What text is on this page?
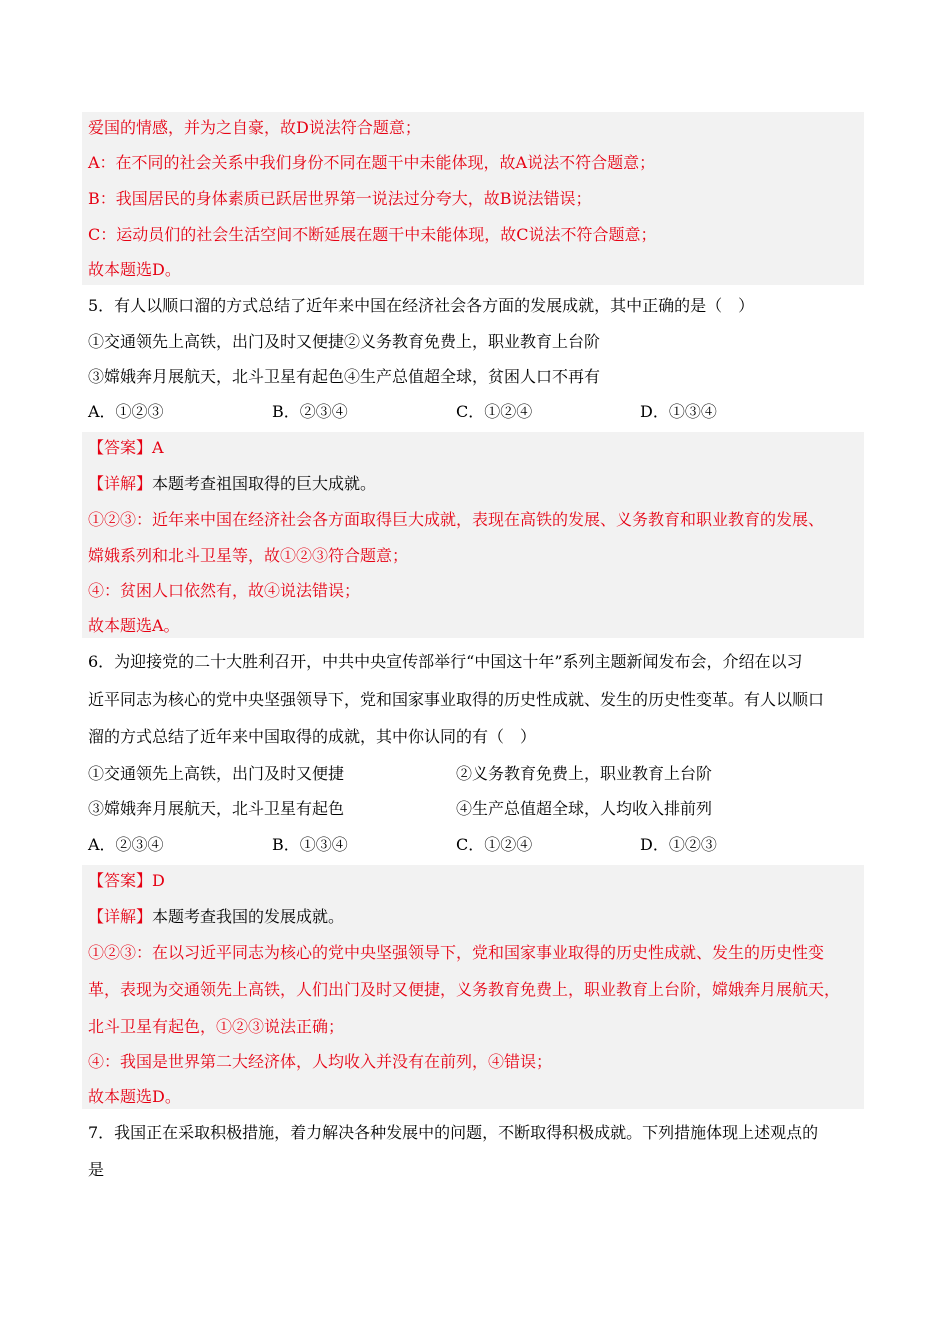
爱国的情感，并为之自豪，故D说法符合题意；
A：在不同的社会关系中我们身份不同在题干中未能体现，故A说法不符合题意；
B：我国居民的身体素质已跃居世界第一说法过分夸大，故B说法错误；
C：运动员们的社会生活空间不断延展在题干中未能体现，故C说法不符合题意；
故本题选D。
5．有人以顺口溜的方式总结了近年来中国在经济社会各方面的发展成就，其中正确的是（　）
①交通领先上高铁，出门及时又便捷②义务教育免费上，职业教育上台阶
③嫦娥奔月展航天，北斗卫星有起色④生产总值超全球，贫困人口不再有
A．①②③	B．②③④	C．①②④	D．①③④
【答案】A
【详解】本题考查祖国取得的巨大成就。
①②③：近年来中国在经济社会各方面取得巨大成就，表现在高铁的发展、义务教育和职业教育的发展、
嫦娥系列和北斗卫星等，故①②③符合题意；
④：贫困人口依然有，故④说法错误；
故本题选A。
6．为迎接党的二十大胜利召开，中共中央宣传部举行“中国这十年”系列主题新闻发布会，介绍在以习
近平同志为核心的党中央坚强领导下，党和国家事业取得的历史性成就、发生的历史性变革。有人以顺口
溜的方式总结了近年来中国取得的成就，其中你认同的有（　）
①交通领先上高铁，出门及时又便捷	②义务教育免费上，职业教育上台阶
③嫦娥奔月展航天，北斗卫星有起色	④生产总值超全球，人均收入排前列
A．②③④	B．①③④	C．①②④	D．①②③
【答案】D
【详解】本题考查我国的发展成就。
①②③：在以习近平同志为核心的党中央坚强领导下，党和国家事业取得的历史性成就、发生的历史性变
革，表现为交通领先上高铁，人们出门及时又便捷，义务教育免费上，职业教育上台阶，嫦娥奔月展航天，
北斗卫星有起色，①②③说法正确；
④：我国是世界第二大经济体，人均收入并没有在前列，④错误；
故本题选D。
7．我国正在采取积极措施，着力解决各种发展中的问题，不断取得积极成就。下列措施体现上述观点的
是
